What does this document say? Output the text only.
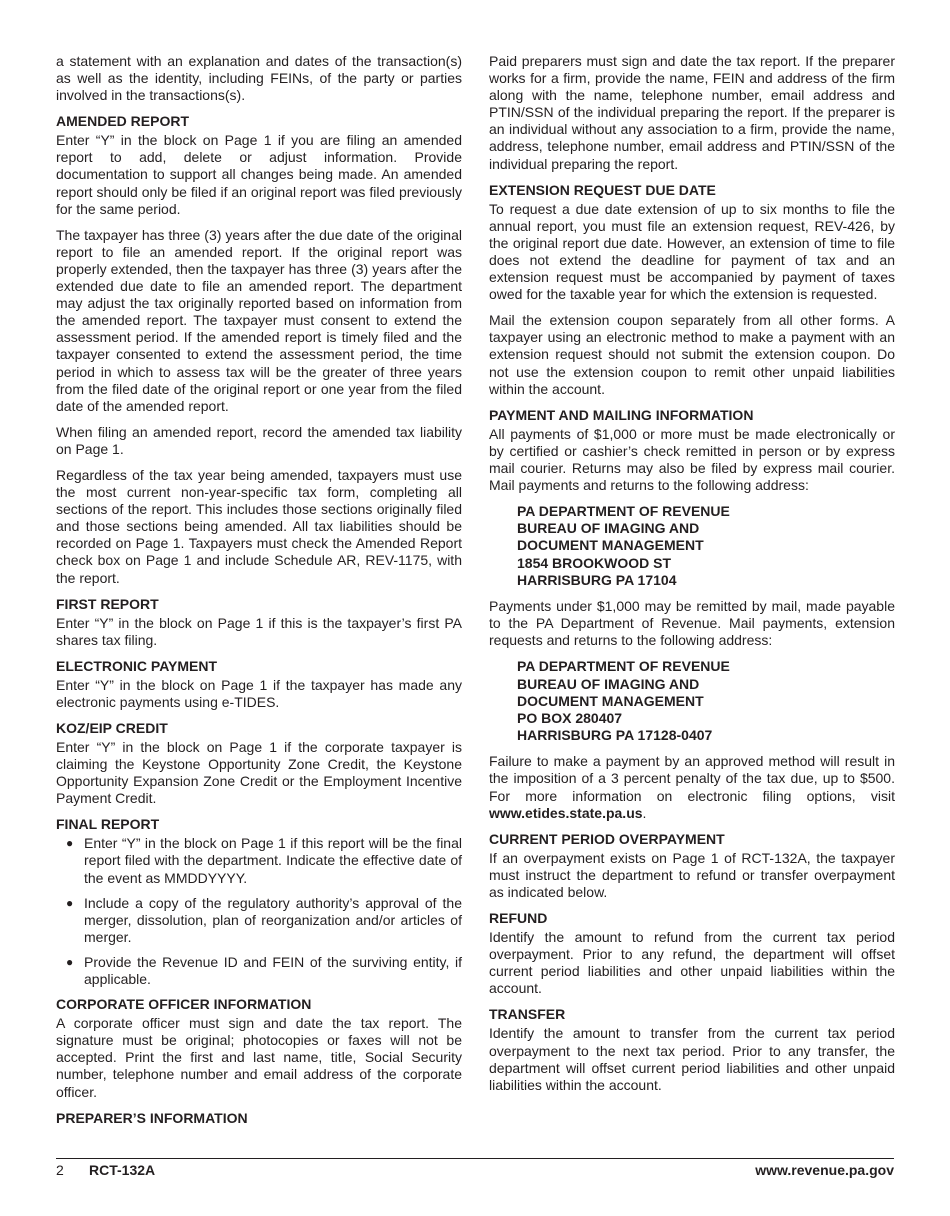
a statement with an explanation and dates of the transaction(s) as well as the identity, including FEINs, of the party or parties involved in the transactions(s).

AMENDED REPORT

Enter “Y” in the block on Page 1 if you are filing an amended report to add, delete or adjust information. Provide documentation to support all changes being made. An amended report should only be filed if an original report was filed previously for the same period.

The taxpayer has three (3) years after the due date of the original report to file an amended report. If the original report was properly extended, then the taxpayer has three (3) years after the extended due date to file an amended report. The department may adjust the tax originally reported based on information from the amended report. The taxpayer must consent to extend the assessment period. If the amended report is timely filed and the taxpayer consented to extend the assessment period, the time period in which to assess tax will be the greater of three years from the filed date of the original report or one year from the filed date of the amended report.

When filing an amended report, record the amended tax liability on Page 1.

Regardless of the tax year being amended, taxpayers must use the most current non-year-specific tax form, completing all sections of the report. This includes those sections originally filed and those sections being amended. All tax liabilities should be recorded on Page 1. Taxpayers must check the Amended Report check box on Page 1 and include Schedule AR, REV-1175, with the report.

FIRST REPORT

Enter “Y” in the block on Page 1 if this is the taxpayer’s first PA shares tax filing.

ELECTRONIC PAYMENT

Enter “Y” in the block on Page 1 if the taxpayer has made any electronic payments using e-TIDES.

KOZ/EIP CREDIT

Enter “Y” in the block on Page 1 if the corporate taxpayer is claiming the Keystone Opportunity Zone Credit, the Keystone Opportunity Expansion Zone Credit or the Employment Incentive Payment Credit.

FINAL REPORT
● Enter “Y” in the block on Page 1 if this report will be the final report filed with the department. Indicate the effective date of the event as MMDDYYYY.
● Include a copy of the regulatory authority’s approval of the merger, dissolution, plan of reorganization and/or articles of merger.
● Provide the Revenue ID and FEIN of the surviving entity, if applicable.
CORPORATE OFFICER INFORMATION

A corporate officer must sign and date the tax report. The signature must be original; photocopies or faxes will not be accepted. Print the first and last name, title, Social Security number, telephone number and email address of the corporate officer.

PREPARER’S INFORMATION

Paid preparers must sign and date the tax report. If the preparer works for a firm, provide the name, FEIN and address of the firm along with the name, telephone number, email address and PTIN/SSN of the individual preparing the report. If the preparer is an individual without any association to a firm, provide the name, address, telephone number, email address and PTIN/SSN of the individual preparing the report.

EXTENSION REQUEST DUE DATE

To request a due date extension of up to six months to file the annual report, you must file an extension request, REV-426, by the original report due date. However, an extension of time to file does not extend the deadline for payment of tax and an extension request must be accompanied by payment of taxes owed for the taxable year for which the extension is requested.

Mail the extension coupon separately from all other forms. A taxpayer using an electronic method to make a payment with an extension request should not submit the extension coupon. Do not use the extension coupon to remit other unpaid liabilities within the account.

PAYMENT AND MAILING INFORMATION

All payments of $1,000 or more must be made electronically or by certified or cashier’s check remitted in person or by express mail courier. Returns may also be filed by express mail courier. Mail payments and returns to the following address:

PA DEPARTMENT OF REVENUE
BUREAU OF IMAGING AND
DOCUMENT MANAGEMENT
1854 BROOKWOOD ST
HARRISBURG PA 17104

Payments under $1,000 may be remitted by mail, made payable to the PA Department of Revenue. Mail payments, extension requests and returns to the following address:

PA DEPARTMENT OF REVENUE
BUREAU OF IMAGING AND
DOCUMENT MANAGEMENT
PO BOX 280407
HARRISBURG PA 17128-0407

Failure to make a payment by an approved method will result in the imposition of a 3 percent penalty of the tax due, up to $500. For more information on electronic filing options, visit www.etides.state.pa.us.

CURRENT PERIOD OVERPAYMENT

If an overpayment exists on Page 1 of RCT-132A, the taxpayer must instruct the department to refund or transfer overpayment as indicated below.

REFUND

Identify the amount to refund from the current tax period overpayment. Prior to any refund, the department will offset current period liabilities and other unpaid liabilities within the account.

TRANSFER

Identify the amount to transfer from the current tax period overpayment to the next tax period. Prior to any transfer, the department will offset current period liabilities and other unpaid liabilities within the account.

2 RCT-132A	www.revenue.pa.gov
